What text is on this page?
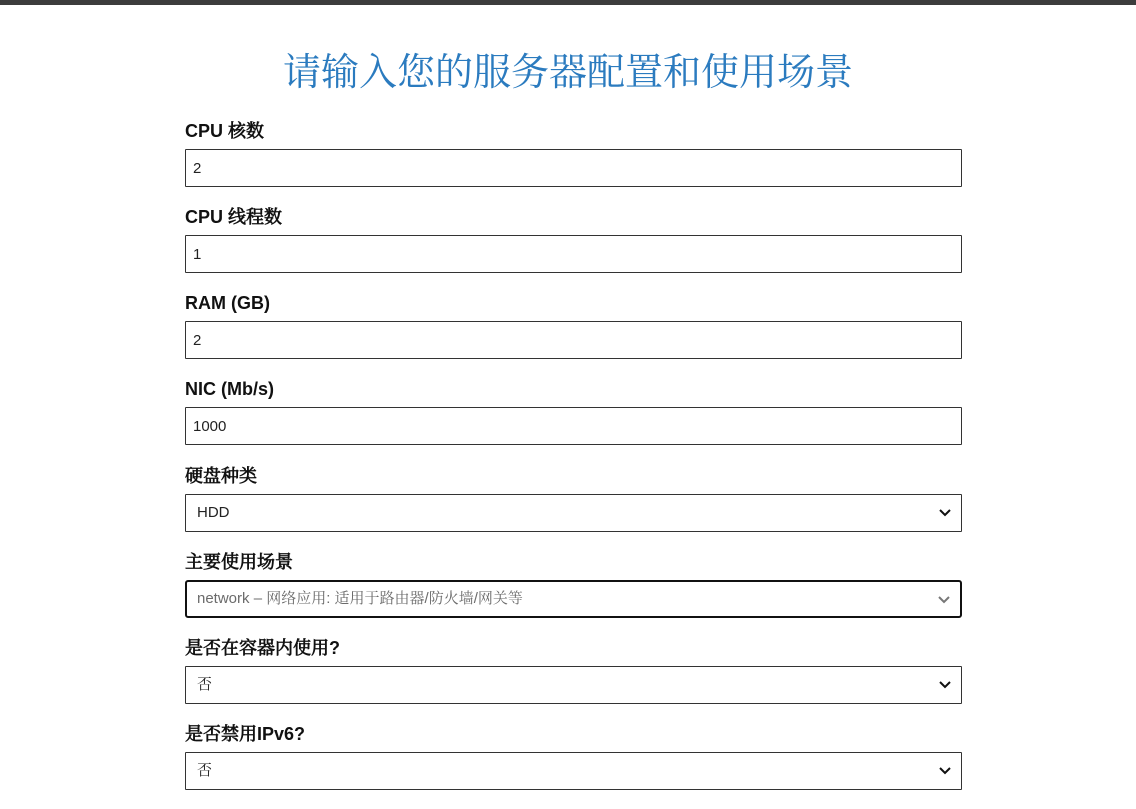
请输入您的服务器配置和使用场景
CPU 核数
2
CPU 线程数
1
RAM (GB)
2
NIC (Mb/s)
1000
硬盘种类
HDD
主要使用场景
network – 网络应用: 适用于路由器/防火墙/网关等
是否在容器内使用?
否
是否禁用IPv6?
否
